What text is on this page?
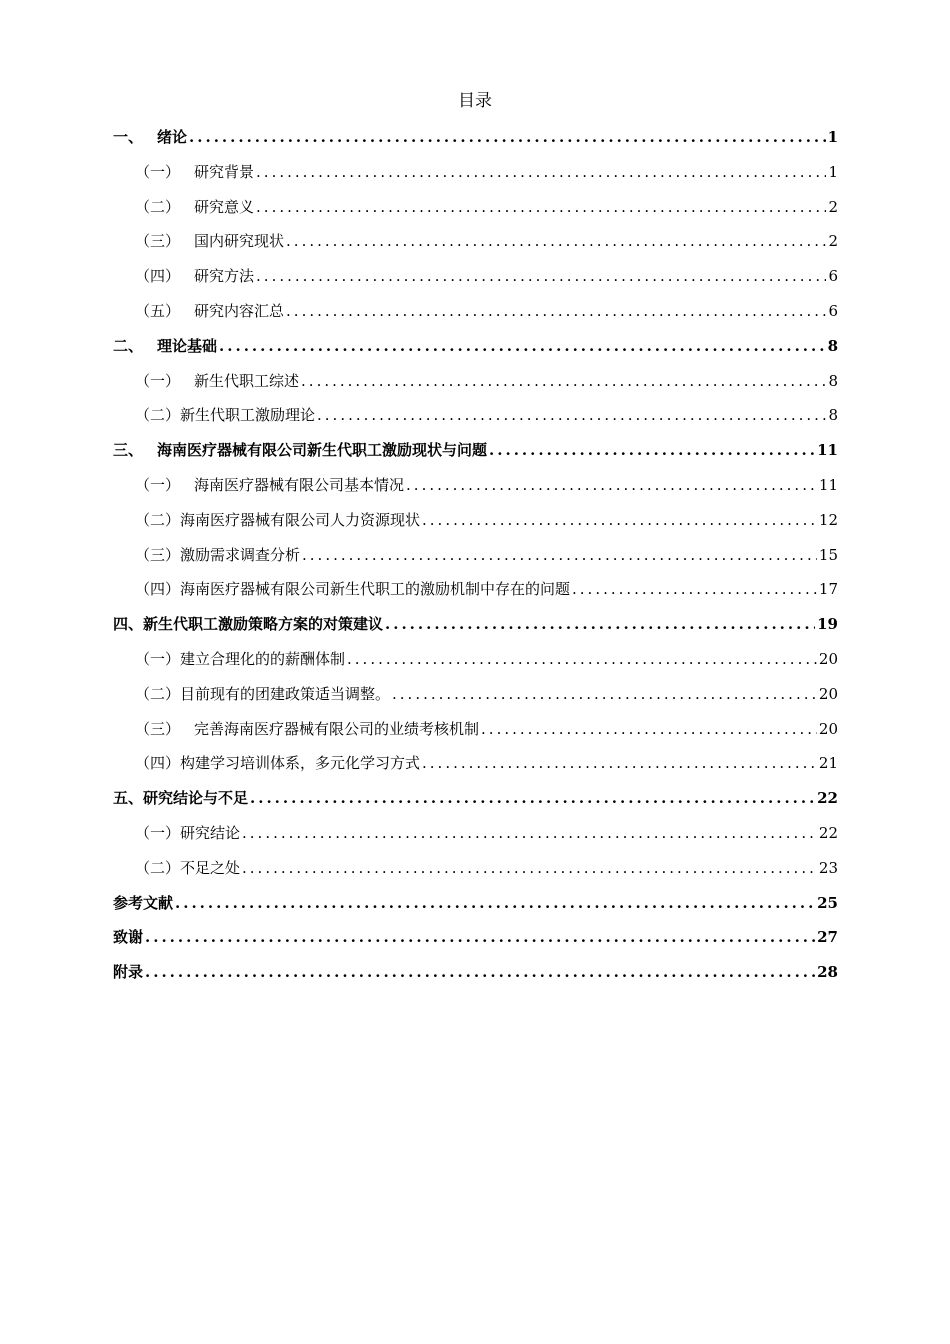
目录
一、 绪论 .....	1
（一） 研究背景 .....	1
（二） 研究意义 .....	2
（三） 国内研究现状 .....	2
（四） 研究方法 .....	6
（五） 研究内容汇总 .....	6
二、 理论基础 .....	8
（一） 新生代职工综述 .....	8
（二）新生代职工激励理论 .....	8
三、 海南医疗器械有限公司新生代职工激励现状与问题 .....	11
（一） 海南医疗器械有限公司基本情况 .....	11
（二）海南医疗器械有限公司人力资源现状 .....	12
（三）激励需求调查分析 .....	15
（四）海南医疗器械有限公司新生代职工的激励机制中存在的问题 .....	17
四、新生代职工激励策略方案的对策建议 .....	19
（一）建立合理化的的薪酬体制 .....	20
（二）目前现有的团建政策适当调整。 .....	20
（三） 完善海南医疗器械有限公司的业绩考核机制 .....	20
（四）构建学习培训体系，多元化学习方式 .....	21
五、研究结论与不足 .....	22
（一）研究结论 .....	22
（二）不足之处 .....	23
参考文献 .....	25
致谢 .....	27
附录 .....	28
